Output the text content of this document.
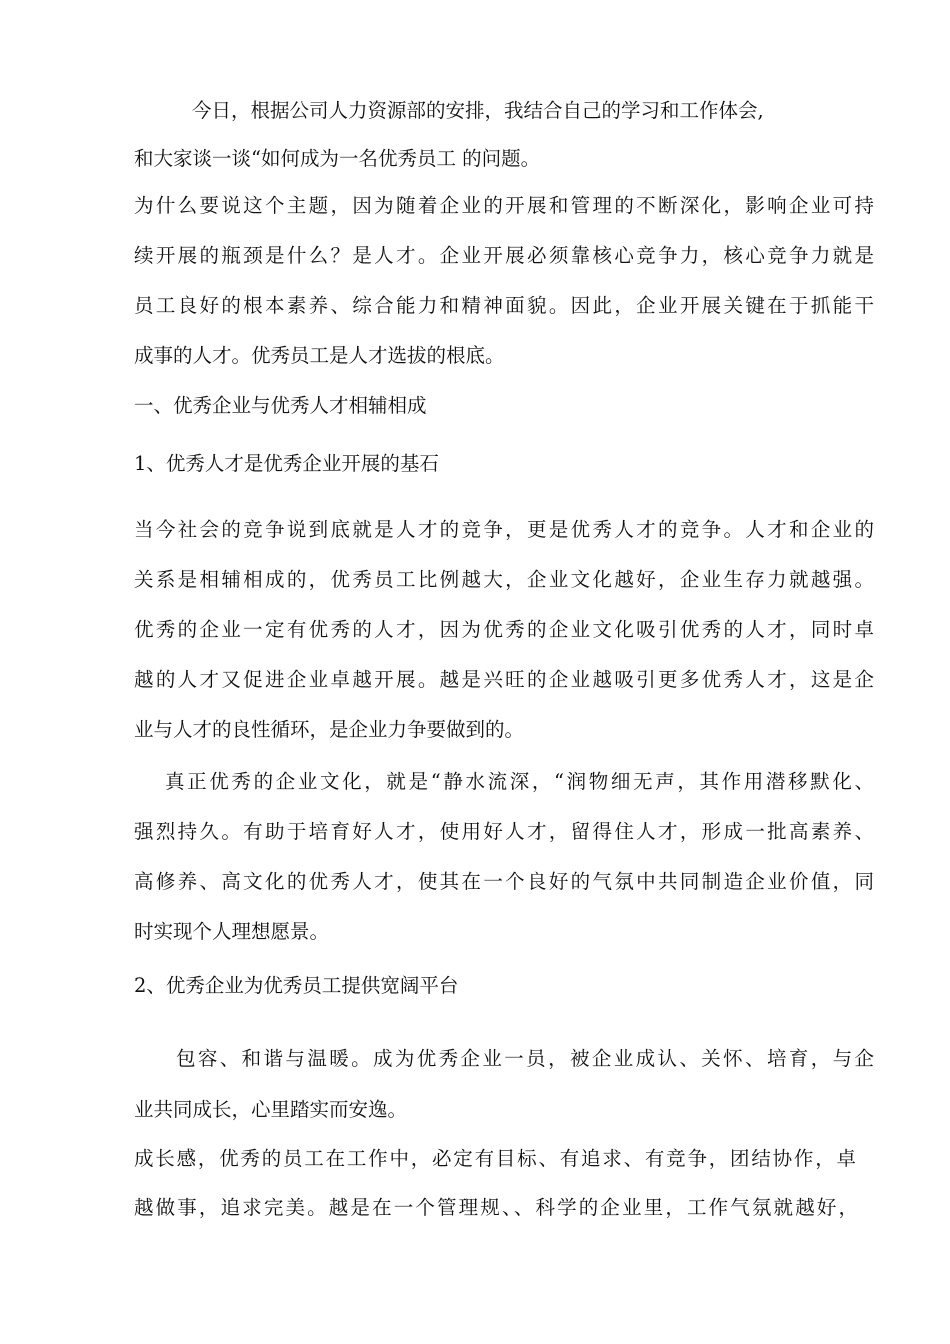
今日，根据公司人力资源部的安排，我结合自己的学习和工作体会,
和大家谈一谈“如何成为一名优秀员工 的问题。
为什么要说这个主题，因为随着企业的开展和管理的不断深化，影响企业可持
续开展的瓶颈是什么？是人才。企业开展必须靠核心竞争力，核心竞争力就是
员工良好的根本素养、综合能力和精神面貌。因此，企业开展关键在于抓能干
成事的人才。优秀员工是人才选拔的根底。
一、优秀企业与优秀人才相辅相成
1、优秀人才是优秀企业开展的基石
当今社会的竞争说到底就是人才的竞争，更是优秀人才的竞争。人才和企业的
关系是相辅相成的，优秀员工比例越大，企业文化越好，企业生存力就越强。
优秀的企业一定有优秀的人才，因为优秀的企业文化吸引优秀的人才，同时卓
越的人才又促进企业卓越开展。越是兴旺的企业越吸引更多优秀人才，这是企
业与人才的良性循环，是企业力争要做到的。
真正优秀的企业文化，就是“静水流深，“润物细无声，其作用潜移默化、
强烈持久。有助于培育好人才，使用好人才，留得住人才，形成一批高素养、
高修养、高文化的优秀人才，使其在一个良好的气氛中共同制造企业价值，同
时实现个人理想愿景。
2、优秀企业为优秀员工提供宽阔平台
包容、和谐与温暖。成为优秀企业一员，被企业成认、关怀、培育，与企
业共同成长，心里踏实而安逸。
成长感，优秀的员工在工作中，必定有目标、有追求、有竞争，团结协作，卓
越做事，追求完美。越是在一个管理规、、科学的企业里，工作气氛就越好，
